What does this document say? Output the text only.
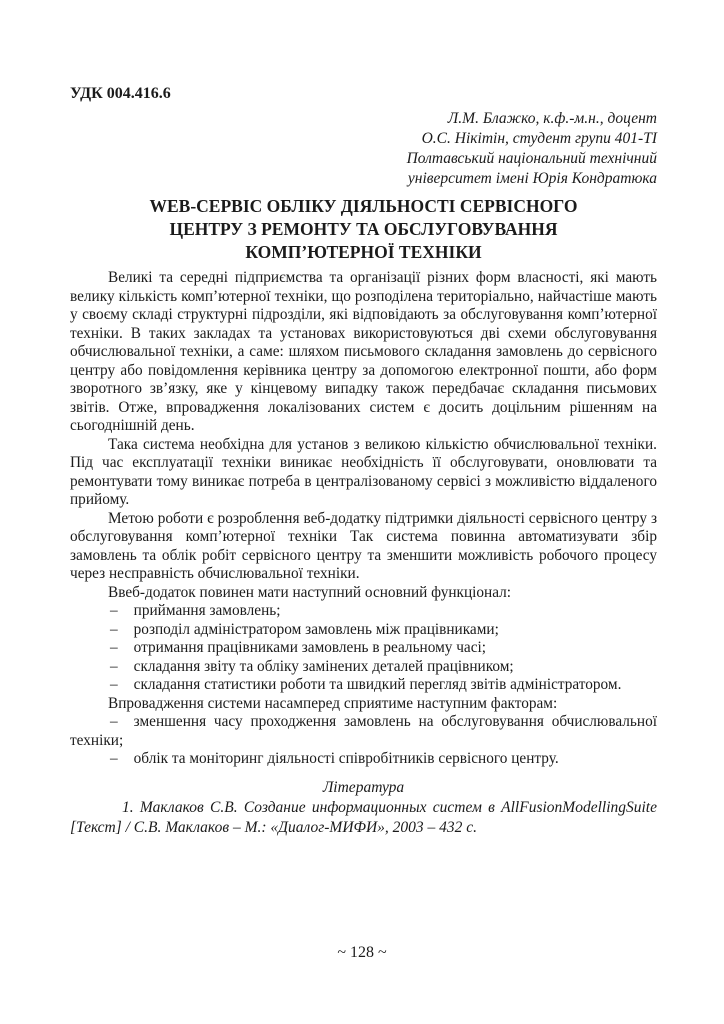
УДК 004.416.6
Л.М. Блажко, к.ф.-м.н., доцент
О.С. Нікітін, студент групи 401-ТІ
Полтавський національний технічний
університет імені Юрія Кондратюка
WEB-СЕРВІС ОБЛІКУ ДІЯЛЬНОСТІ СЕРВІСНОГО
ЦЕНТРУ З РЕМОНТУ ТА ОБСЛУГОВУВАННЯ
КОМП’ЮТЕРНОЇ ТЕХНІКИ

Великі та середні підприємства та організації різних форм власності, які мають велику кількість комп’ютерної техніки, що розподілена територіально, найчастіше мають у своєму складі структурні підрозділи, які відповідають за обслуговування комп’ютерної техніки. В таких закладах та установах використовуються дві схеми обслуговування обчислювальної техніки, а саме: шляхом письмового складання замовлень до сервісного центру або повідомлення керівника центру за допомогою електронної пошти, або форм зворотного зв’язку, яке у кінцевому випадку також передбачає складання письмових звітів. Отже, впровадження локалізованих систем є досить доцільним рішенням на сьогоднішній день.

Така система необхідна для установ з великою кількістю обчислювальної техніки. Під час експлуатації техніки виникає необхідність її обслуговувати, оновлювати та ремонтувати тому виникає потреба в централізованому сервісі з можливістю віддаленого прийому.

Метою роботи є розроблення веб-додатку підтримки діяльності сервісного центру з обслуговування комп’ютерної техніки Так система повинна автоматизувати збір замовлень та облік робіт сервісного центру та зменшити можливість робочого процесу через несправність обчислювальної техніки.

Ввеб-додаток повинен мати наступний основний функціонал:

– приймання замовлень;
– розподіл адміністратором замовлень між працівниками;
– отримання працівниками замовлень в реальному часі;
– складання звіту та обліку замінених деталей працівником;
– складання статистики роботи та швидкий перегляд звітів адміністратором.

Впровадження системи насамперед сприятиме наступним факторам:

– зменшення часу проходження замовлень на обслуговування обчислювальної техніки;
– облік та моніторинг діяльності співробітників сервісного центру.
Література

1. Маклаков С.В. Создание информационных систем в AllFusionModellingSuite [Текст] / С.В. Маклаков – М.: «Диалог-МИФИ», 2003 – 432 с.

~ 128 ~
